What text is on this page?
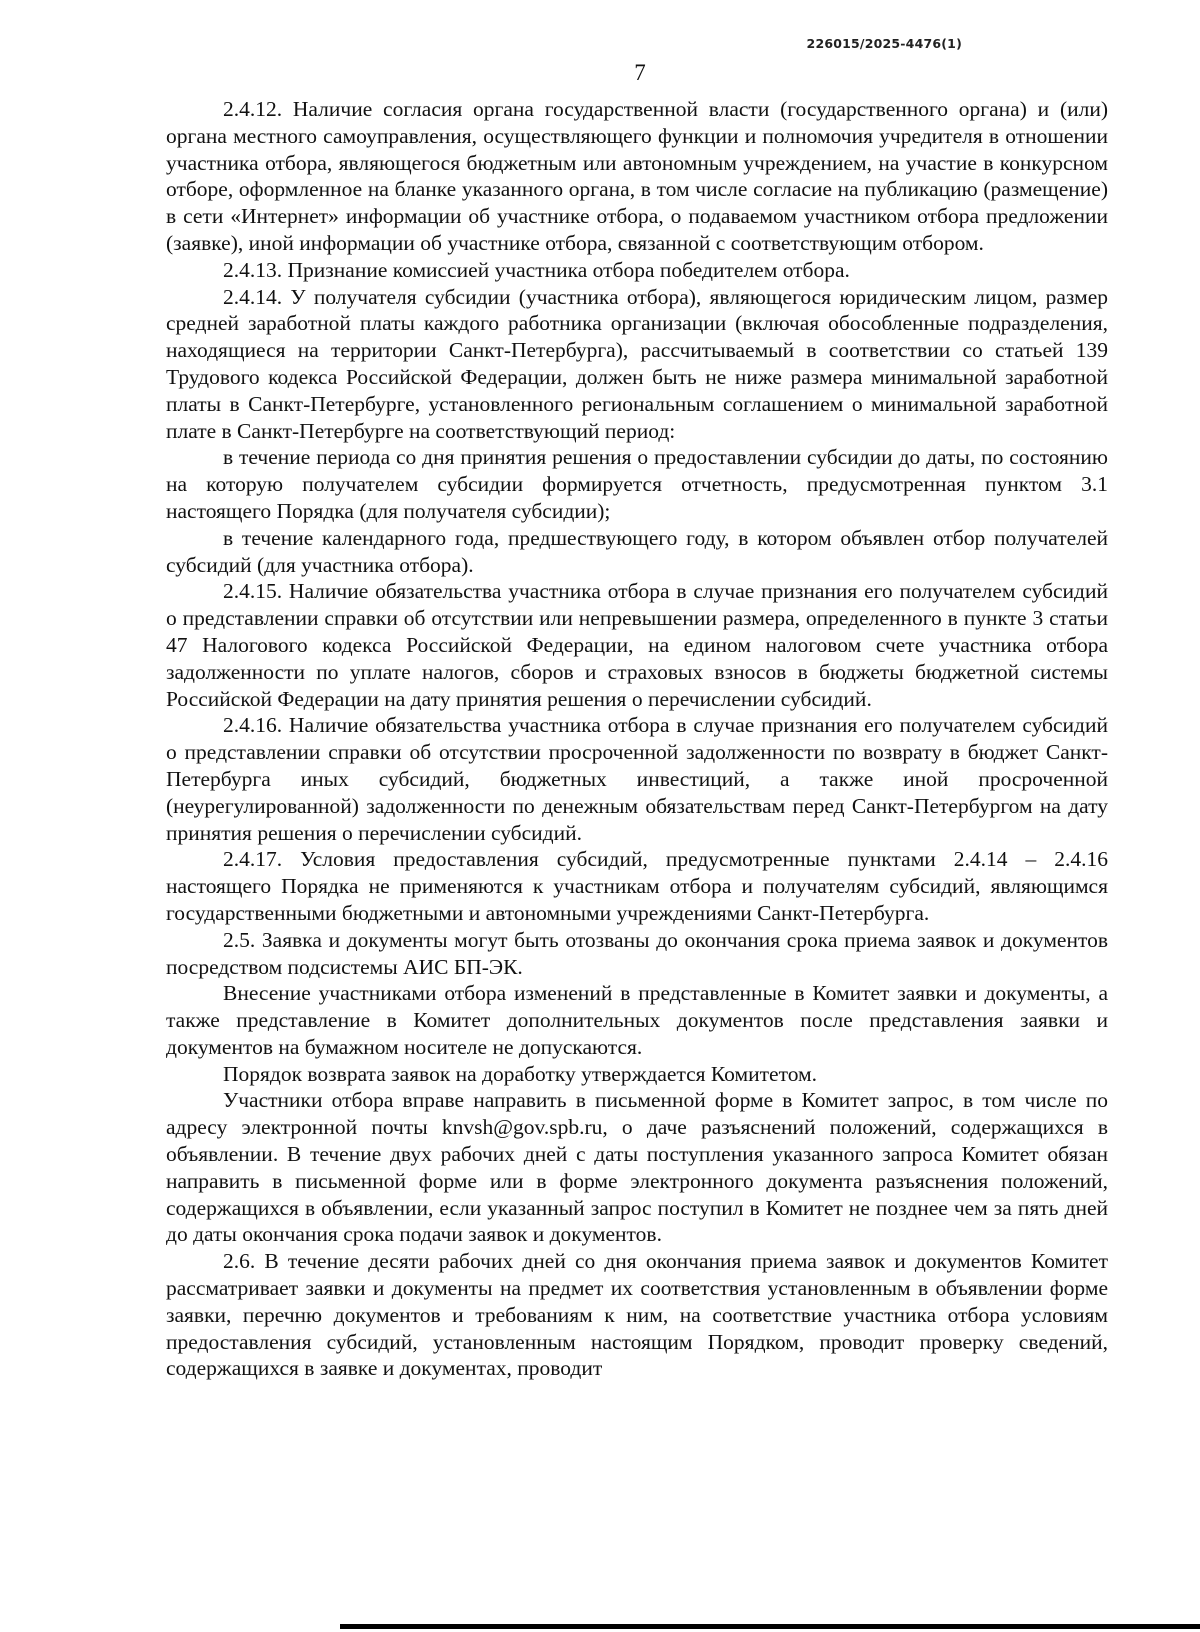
226015/2025-4476(1)
7

2.4.12. Наличие согласия органа государственной власти (государственного органа) и (или) органа местного самоуправления, осуществляющего функции и полномочия учредителя в отношении участника отбора, являющегося бюджетным или автономным учреждением, на участие в конкурсном отборе, оформленное на бланке указанного органа, в том числе согласие на публикацию (размещение) в сети «Интернет» информации об участнике отбора, о подаваемом участником отбора предложении (заявке), иной информации об участнике отбора, связанной с соответствующим отбором.

2.4.13. Признание комиссией участника отбора победителем отбора.

2.4.14. У получателя субсидии (участника отбора), являющегося юридическим лицом, размер средней заработной платы каждого работника организации (включая обособленные подразделения, находящиеся на территории Санкт-Петербурга), рассчитываемый в соответствии со статьей 139 Трудового кодекса Российской Федерации, должен быть не ниже размера минимальной заработной платы в Санкт-Петербурге, установленного региональным соглашением о минимальной заработной плате в Санкт-Петербурге на соответствующий период:

в течение периода со дня принятия решения о предоставлении субсидии до даты, по состоянию на которую получателем субсидии формируется отчетность, предусмотренная пунктом 3.1 настоящего Порядка (для получателя субсидии);

в течение календарного года, предшествующего году, в котором объявлен отбор получателей субсидий (для участника отбора).

2.4.15. Наличие обязательства участника отбора в случае признания его получателем субсидий о представлении справки об отсутствии или непревышении размера, определенного в пункте 3 статьи 47 Налогового кодекса Российской Федерации, на едином налоговом счете участника отбора задолженности по уплате налогов, сборов и страховых взносов в бюджеты бюджетной системы Российской Федерации на дату принятия решения о перечислении субсидий.

2.4.16. Наличие обязательства участника отбора в случае признания его получателем субсидий о представлении справки об отсутствии просроченной задолженности по возврату в бюджет Санкт-Петербурга иных субсидий, бюджетных инвестиций, а также иной просроченной (неурегулированной) задолженности по денежным обязательствам перед Санкт-Петербургом на дату принятия решения о перечислении субсидий.

2.4.17. Условия предоставления субсидий, предусмотренные пунктами 2.4.14 – 2.4.16 настоящего Порядка не применяются к участникам отбора и получателям субсидий, являющимся государственными бюджетными и автономными учреждениями Санкт-Петербурга.

2.5. Заявка и документы могут быть отозваны до окончания срока приема заявок и документов посредством подсистемы АИС БП-ЭК.

Внесение участниками отбора изменений в представленные в Комитет заявки и документы, а также представление в Комитет дополнительных документов после представления заявки и документов на бумажном носителе не допускаются.

Порядок возврата заявок на доработку утверждается Комитетом.

Участники отбора вправе направить в письменной форме в Комитет запрос, в том числе по адресу электронной почты knvsh@gov.spb.ru, о даче разъяснений положений, содержащихся в объявлении. В течение двух рабочих дней с даты поступления указанного запроса Комитет обязан направить в письменной форме или в форме электронного документа разъяснения положений, содержащихся в объявлении, если указанный запрос поступил в Комитет не позднее чем за пять дней до даты окончания срока подачи заявок и документов.

2.6. В течение десяти рабочих дней со дня окончания приема заявок и документов Комитет рассматривает заявки и документы на предмет их соответствия установленным в объявлении форме заявки, перечню документов и требованиям к ним, на соответствие участника отбора условиям предоставления субсидий, установленным настоящим Порядком, проводит проверку сведений, содержащихся в заявке и документах, проводит
